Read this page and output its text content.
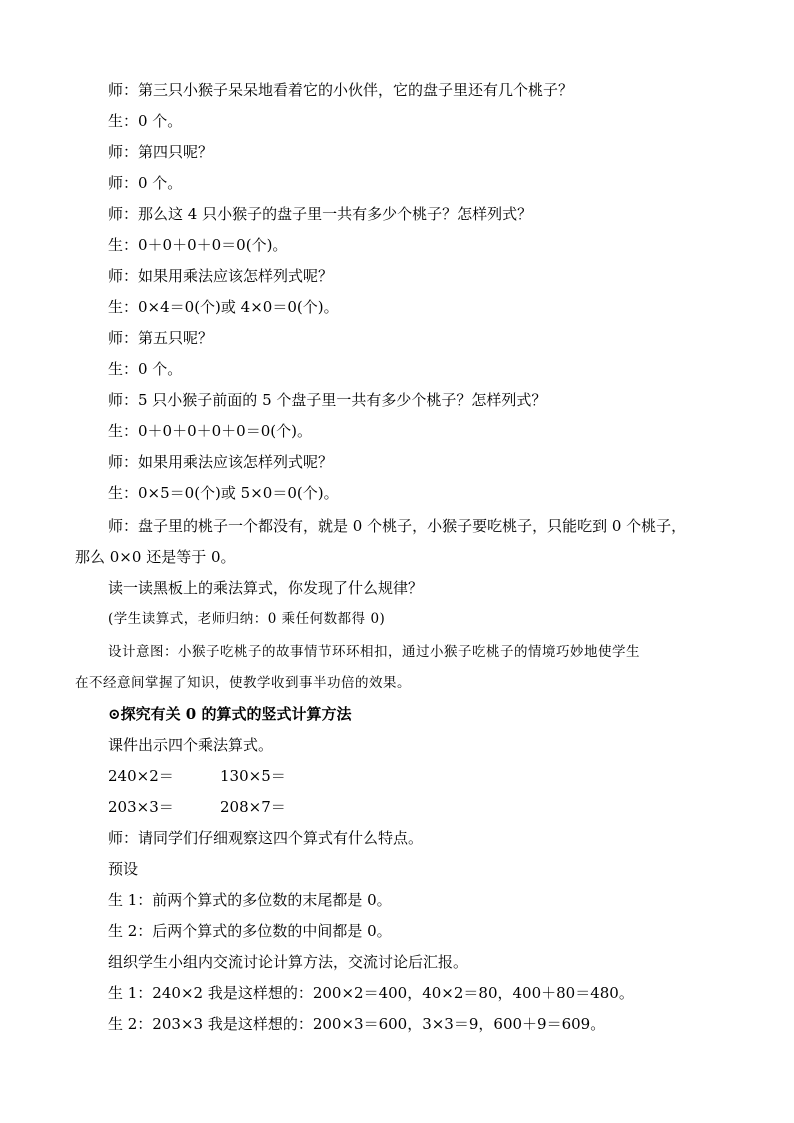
师：第三只小猴子呆呆地看着它的小伙伴，它的盘子里还有几个桃子？
生：0 个。
师：第四只呢？
师：0 个。
师：那么这 4 只小猴子的盘子里一共有多少个桃子？怎样列式？
生：0＋0＋0＋0＝0(个)。
师：如果用乘法应该怎样列式呢？
生：0×4＝0(个)或 4×0＝0(个)。
师：第五只呢？
生：0 个。
师：5 只小猴子前面的 5 个盘子里一共有多少个桃子？怎样列式？
生：0＋0＋0＋0＋0＝0(个)。
师：如果用乘法应该怎样列式呢？
生：0×5＝0(个)或 5×0＝0(个)。
师：盘子里的桃子一个都没有，就是 0 个桃子，小猴子要吃桃子，只能吃到 0 个桃子，
那么 0×0 还是等于 0。
读一读黑板上的乘法算式，你发现了什么规律？
(学生读算式，老师归纳：0 乘任何数都得 0)
设计意图：小猴子吃桃子的故事情节环环相扣，通过小猴子吃桃子的情境巧妙地使学生
在不经意间掌握了知识，使教学收到事半功倍的效果。
⊙探究有关 0 的算式的竖式计算方法
课件出示四个乘法算式。
240×2＝	130×5＝
203×3＝	208×7＝
师：请同学们仔细观察这四个算式有什么特点。
预设
生 1：前两个算式的多位数的末尾都是 0。
生 2：后两个算式的多位数的中间都是 0。
组织学生小组内交流讨论计算方法，交流讨论后汇报。
生 1：240×2 我是这样想的：200×2＝400，40×2＝80，400＋80＝480。
生 2：203×3 我是这样想的：200×3＝600，3×3＝9，600＋9＝609。
